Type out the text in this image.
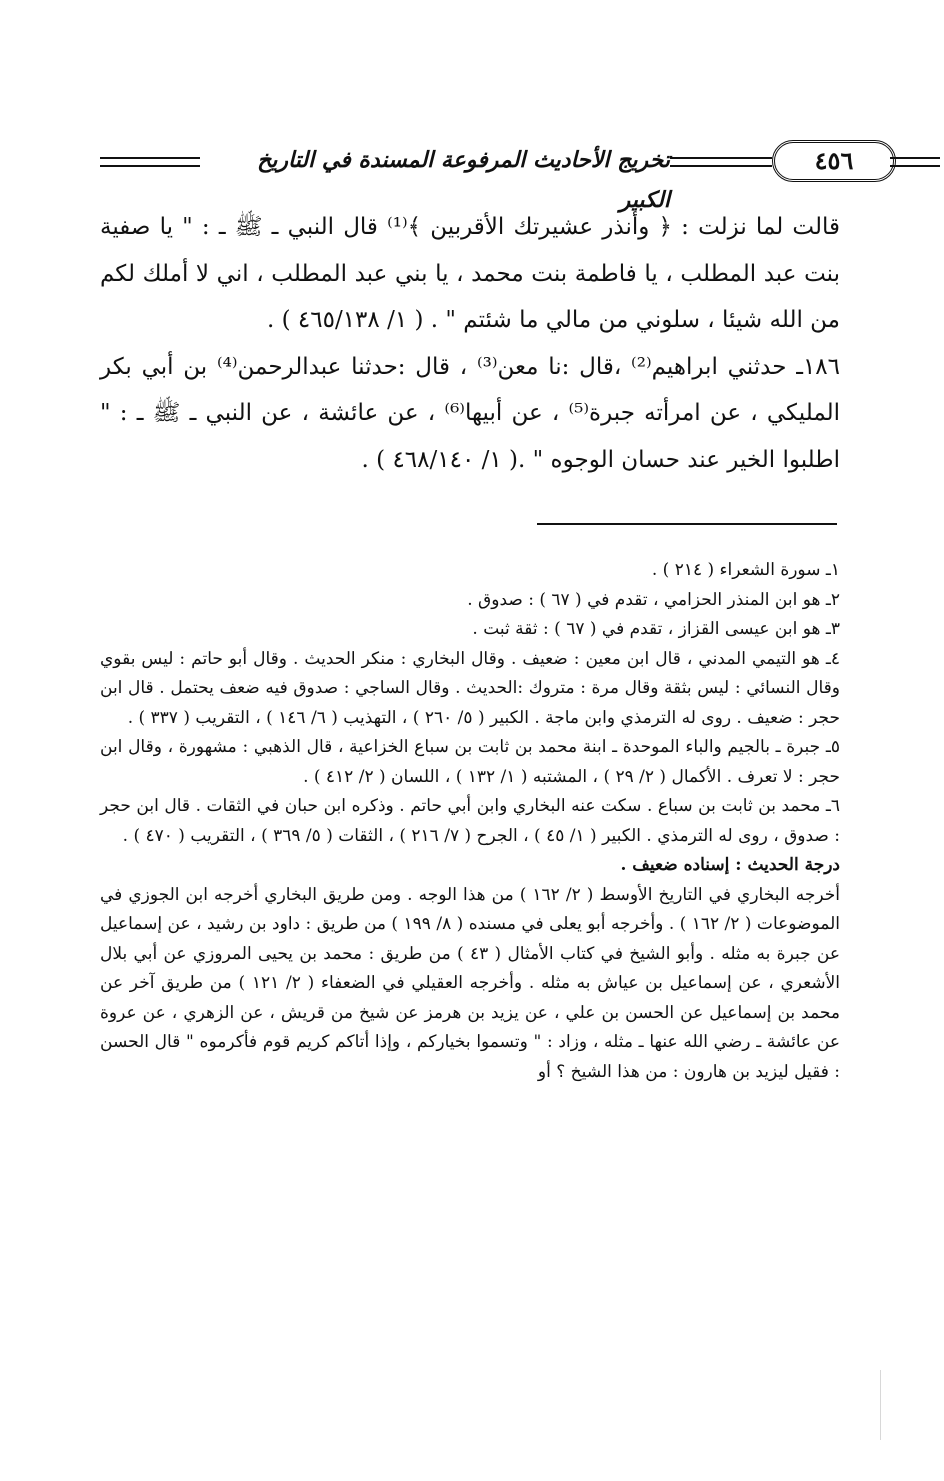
تخريج الأحاديث المرفوعة المسندة في التاريخ الكبير
٤٥٦

قالت لما نزلت : ﴿ وأنذر عشيرتك الأقربين ﴾⁽¹⁾ قال النبي ـ ﷺ ـ : " يا صفية بنت عبد المطلب ، يا فاطمة بنت محمد ، يا بني عبد المطلب ، اني لا أملك لكم من الله شيئا ، سلوني من مالي ما شئتم " . ( ١/ ٤٦٥/١٣٨ ) .

١٨٦ـ حدثني ابراهيم⁽²⁾ ،قال :نا معن⁽³⁾ ، قال :حدثنا عبدالرحمن⁽⁴⁾ بن أبي بكر المليكي ، عن امرأته جبرة⁽⁵⁾ ، عن أبيها⁽⁶⁾ ، عن عائشة ، عن النبي ـ ﷺ ـ : " اطلبوا الخير عند حسان الوجوه " .( ١/ ٤٦٨/١٤٠ ) .

١ـ سورة الشعراء ( ٢١٤ ) .

٢ـ هو ابن المنذر الحزامي ، تقدم في ( ٦٧ ) : صدوق .

٣ـ هو ابن عيسى القزاز ، تقدم في ( ٦٧ ) : ثقة ثبت .

٤ـ هو التيمي المدني ، قال ابن معين : ضعيف . وقال البخاري : منكر الحديث . وقال أبو حاتم : ليس بقوي وقال النسائي : ليس بثقة وقال مرة : متروك :الحديث . وقال الساجي : صدوق فيه ضعف يحتمل . قال ابن حجر : ضعيف . روى له الترمذي وابن ماجة . الكبير ( ٥/ ٢٦٠ ) ، التهذيب ( ٦/ ١٤٦ ) ، التقريب ( ٣٣٧ ) .

٥ـ جبرة ـ بالجيم والباء الموحدة ـ ابنة محمد بن ثابت بن سباع الخزاعية ، قال الذهبي : مشهورة ، وقال ابن حجر : لا تعرف . الأكمال ( ٢/ ٢٩ ) ، المشتبه ( ١/ ١٣٢ ) ، اللسان ( ٢/ ٤١٢ ) .

٦ـ محمد بن ثابت بن سباع . سكت عنه البخاري وابن أبي حاتم . وذكره ابن حبان في الثقات . قال ابن حجر : صدوق ، روى له الترمذي . الكبير ( ١/ ٤٥ ) ، الجرح ( ٧/ ٢١٦ ) ، الثقات ( ٥/ ٣٦٩ ) ، التقريب ( ٤٧٠ ) .

درجة الحديث : إسناده ضعيف .

أخرجه البخاري في التاريخ الأوسط ( ٢/ ١٦٢ ) من هذا الوجه . ومن طريق البخاري أخرجه ابن الجوزي في الموضوعات ( ٢/ ١٦٢ ) . وأخرجه أبو يعلى في مسنده ( ٨/ ١٩٩ ) من طريق : داود بن رشيد ، عن إسماعيل عن جبرة به مثله . وأبو الشيخ في كتاب الأمثال ( ٤٣ ) من طريق : محمد بن يحيى المروزي عن أبي بلال الأشعري ، عن إسماعيل بن عياش به مثله . وأخرجه العقيلي في الضعفاء ( ٢/ ١٢١ ) من طريق آخر عن محمد بن إسماعيل عن الحسن بن علي ، عن يزيد بن هرمز عن شيخ من قريش ، عن الزهري ، عن عروة عن عائشة ـ رضي الله عنها ـ مثله ، وزاد : " وتسموا بخياركم ، وإذا أتاكم كريم قوم فأكرموه " قال الحسن : فقيل ليزيد بن هارون : من هذا الشيخ ؟ أو
